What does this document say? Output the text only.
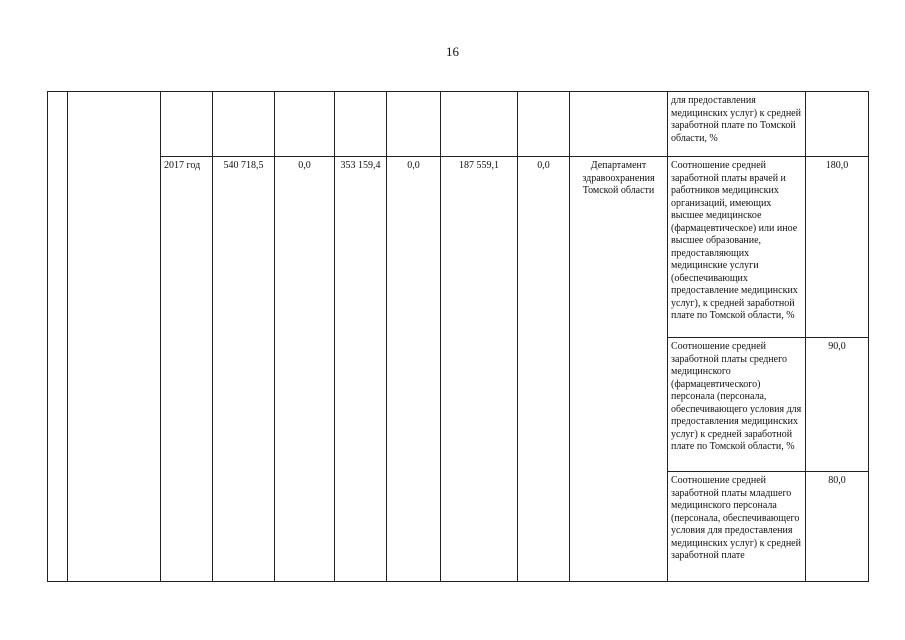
16
										для предоставления медицинских услуг) к средней заработной плате по Томской области, %	
		2017 год	540 718,5	0,0	353 159,4	0,0	187 559,1	0,0	Департамент здравоохранения Томской области	Соотношение средней заработной платы врачей и работников медицинских организаций, имеющих высшее медицинское (фармацевтическое) или иное высшее образование, предоставляющих медицинские услуги (обеспечивающих предоставление медицинских услуг), к средней заработной плате по Томской области, %	180,0
										Соотношение средней заработной платы среднего медицинского (фармацевтического) персонала (персонала, обеспечивающего условия для предоставления медицинских услуг) к средней заработной плате по Томской области, %	90,0
										Соотношение средней заработной платы младшего медицинского персонала (персонала, обеспечивающего условия для предоставления медицинских услуг) к средней заработной плате	80,0
